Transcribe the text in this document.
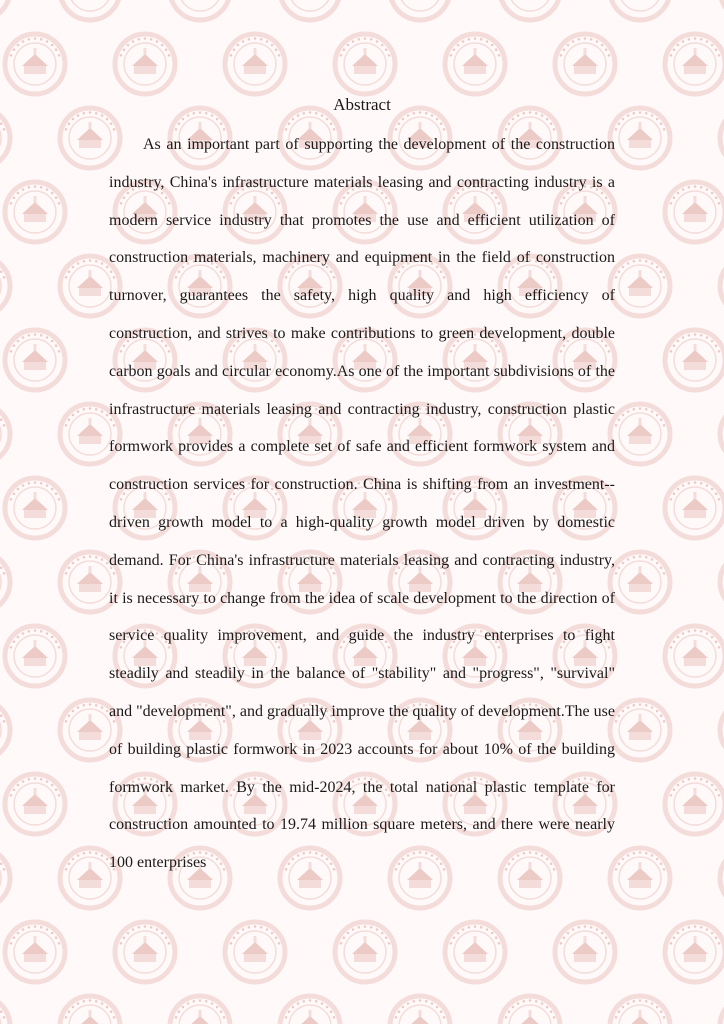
Abstract

As an important part of supporting the development of the construction industry, China's infrastructure materials leasing and contracting industry is a modern service industry that promotes the use and efficient utilization of construction materials, machinery and equipment in the field of construction turnover, guarantees the safety, high quality and high efficiency of construction, and strives to make contributions to green development, double carbon goals and circular economy.As one of the important subdivisions of the infrastructure materials leasing and contracting industry, construction plastic formwork provides a complete set of safe and efficient formwork system and construction services for construction. China is shifting from an investment--driven growth model to a high-quality growth model driven by domestic demand. For China's infrastructure materials leasing and contracting industry, it is necessary to change from the idea of scale development to the direction of service quality improvement, and guide the industry enterprises to fight steadily and steadily in the balance of "stability" and "progress", "survival" and "development", and gradually improve the quality of development.The use of building plastic formwork in 2023 accounts for about 10% of the building formwork market. By the mid-2024, the total national plastic template for construction amounted to 19.74 million square meters, and there were nearly 100 enterprises
